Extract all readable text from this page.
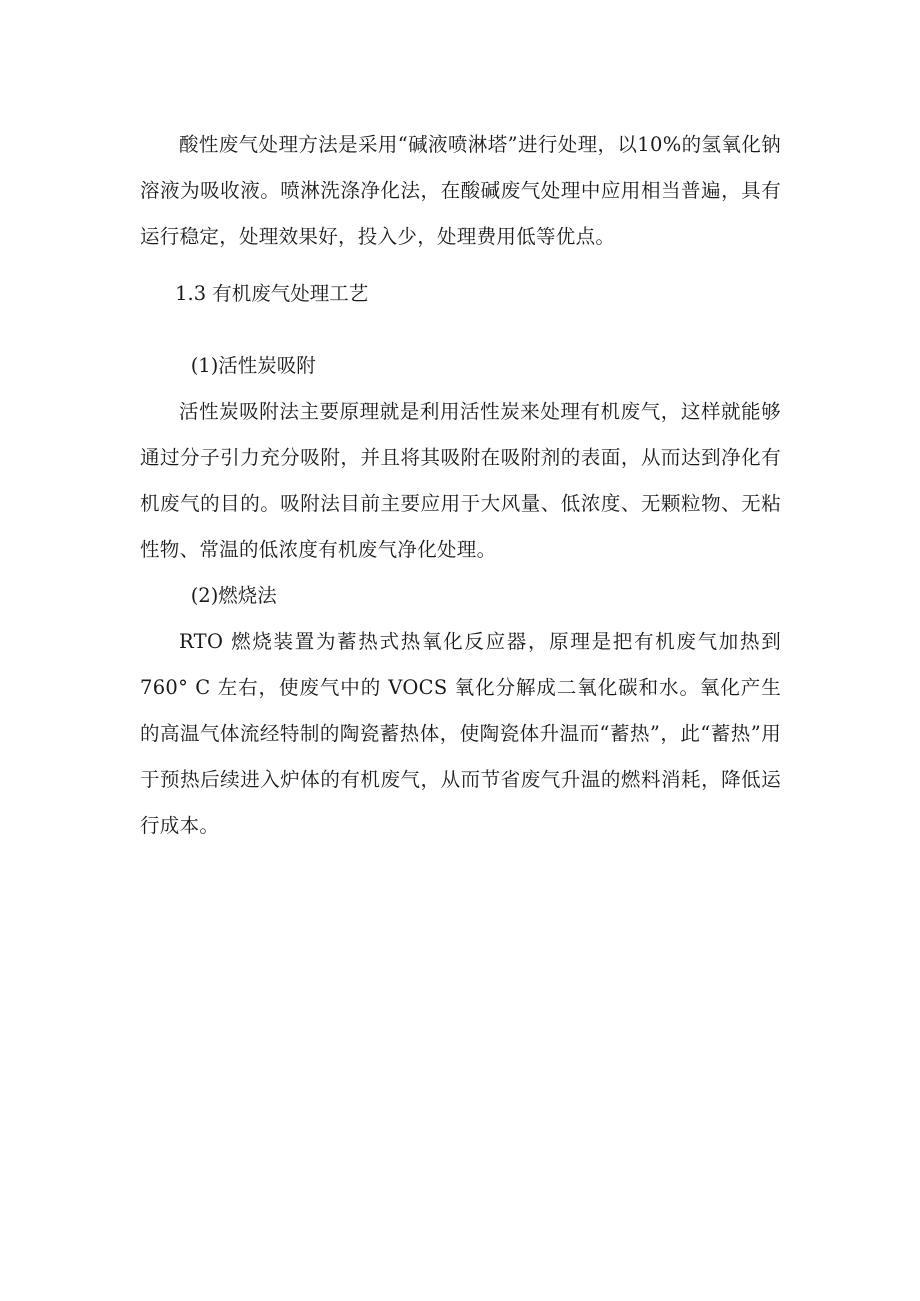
酸性废气处理方法是采用“碱液喷淋塔”进行处理，以10%的氢氧化钠溶液为吸收液。喷淋洗涤净化法，在酸碱废气处理中应用相当普遍，具有运行稳定，处理效果好，投入少，处理费用低等优点。

1.3 有机废气处理工艺

(1)活性炭吸附

活性炭吸附法主要原理就是利用活性炭来处理有机废气，这样就能够通过分子引力充分吸附，并且将其吸附在吸附剂的表面，从而达到净化有机废气的目的。吸附法目前主要应用于大风量、低浓度、无颗粒物、无粘性物、常温的低浓度有机废气净化处理。

(2)燃烧法

RTO 燃烧装置为蓄热式热氧化反应器，原理是把有机废气加热到760° C 左右，使废气中的 VOCS 氧化分解成二氧化碳和水。氧化产生的高温气体流经特制的陶瓷蓄热体，使陶瓷体升温而“蓄热”，此“蓄热”用于预热后续进入炉体的有机废气，从而节省废气升温的燃料消耗，降低运行成本。
